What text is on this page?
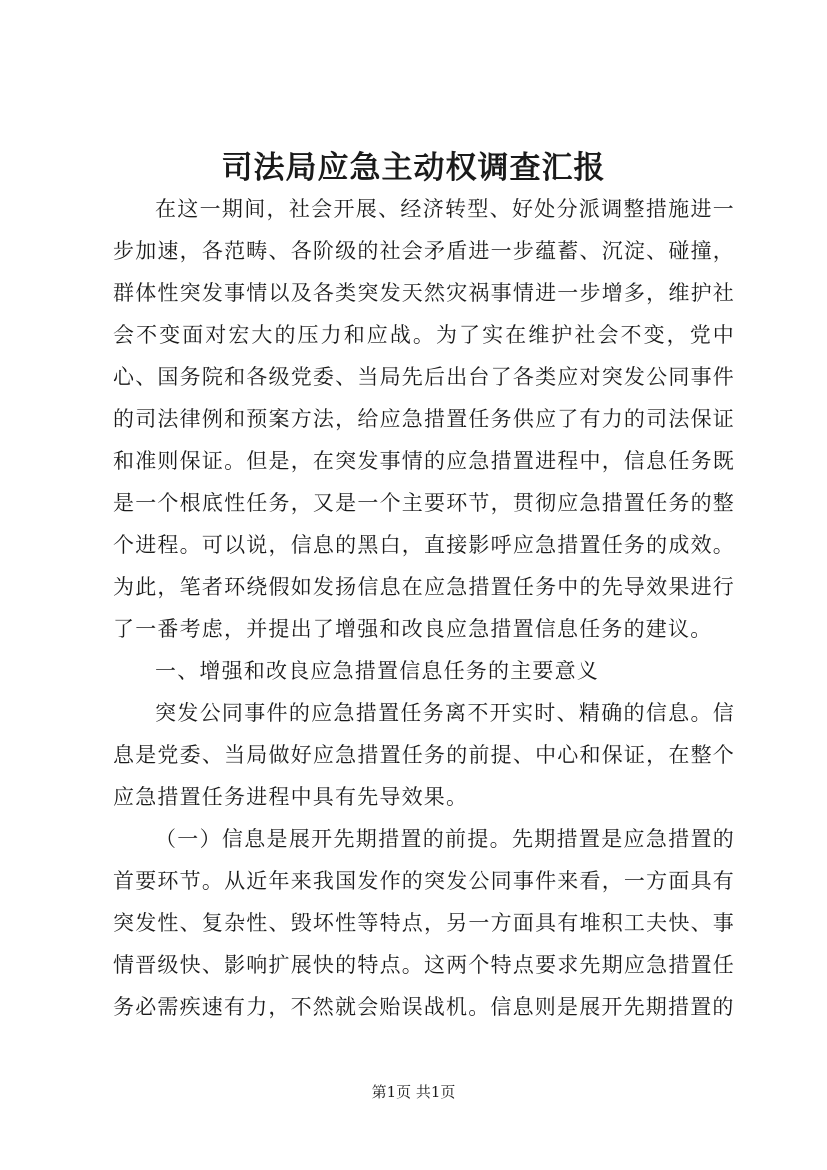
司法局应急主动权调查汇报

在这一期间，社会开展、经济转型、好处分派调整措施进一步加速，各范畴、各阶级的社会矛盾进一步蕴蓄、沉淀、碰撞，群体性突发事情以及各类突发天然灾祸事情进一步增多，维护社会不变面对宏大的压力和应战。为了实在维护社会不变，党中心、国务院和各级党委、当局先后出台了各类应对突发公同事件的司法律例和预案方法，给应急措置任务供应了有力的司法保证和准则保证。但是，在突发事情的应急措置进程中，信息任务既是一个根底性任务，又是一个主要环节，贯彻应急措置任务的整个进程。可以说，信息的黑白，直接影呼应急措置任务的成效。为此，笔者环绕假如发扬信息在应急措置任务中的先导效果进行了一番考虑，并提出了增强和改良应急措置信息任务的建议。

一、增强和改良应急措置信息任务的主要意义

突发公同事件的应急措置任务离不开实时、精确的信息。信息是党委、当局做好应急措置任务的前提、中心和保证，在整个应急措置任务进程中具有先导效果。

（一）信息是展开先期措置的前提。先期措置是应急措置的首要环节。从近年来我国发作的突发公同事件来看，一方面具有突发性、复杂性、毁坏性等特点，另一方面具有堆积工夫快、事情晋级快、影响扩展快的特点。这两个特点要求先期应急措置任务必需疾速有力，不然就会贻误战机。信息则是展开先期措置的

第1页 共1页
